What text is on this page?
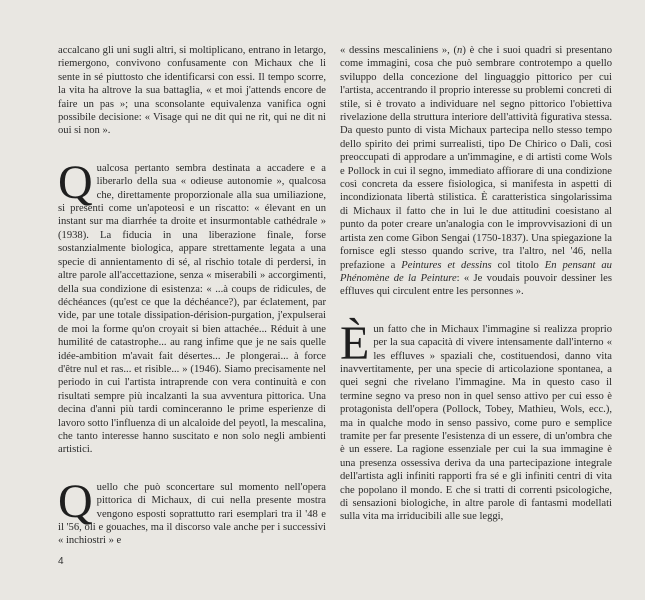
accalcano gli uni sugli altri, si moltiplicano, entrano in letargo, riemergono, convivono confusamente con Michaux che li sente in sé piuttosto che identificarsi con essi. Il tempo scorre, la vita ha altrove la sua battaglia, « et moi j'attends encore de faire un pas »; una sconsolante equivalenza vanifica ogni possibile decisione: « Visage qui ne dit qui ne rit, qui ne dit ni oui si non ».

Qualcosa pertanto sembra destinata a accadere e a liberarlo della sua « odieuse autonomie », qualcosa che, direttamente proporzionale alla sua umiliazione, si presenti come un'apoteosi e un riscatto: « élevant en un instant sur ma diarrhée ta droite et insurmontable cathédrale » (1938). La fiducia in una liberazione finale, forse sostanzialmente biologica, appare strettamente legata a una specie di annientamento di sé, al rischio totale di perdersi, in altre parole all'accettazione, senza « miserabili » accorgimenti, della sua condizione di esistenza: « ...à coups de ridicules, de déchéances (qu'est ce que la déchéance?), par éclatement, par vide, par une totale dissipation-dérision-purgation, j'expulserai de moi la forme qu'on croyait si bien attachée... Réduit à une humilité de catastrophe... au rang infime que je ne sais quelle idée-ambition m'avait fait désertes... Je plongerai... à force d'être nul et ras... et risible... » (1946). Siamo precisamente nel periodo in cui l'artista intraprende con vera continuità e con risultati sempre più incalzanti la sua avventura pittorica. Una decina d'anni più tardi cominceranno le prime esperienze di lavoro sotto l'influenza di un alcaloide del peyotl, la mescalina, che tanto interesse hanno suscitato e non solo negli ambienti artistici.

Quello che può sconcertare sul momento nell'opera pittorica di Michaux, di cui nella presente mostra vengono esposti soprattutto rari esemplari tra il '48 e il '56, oli e gouaches, ma il discorso vale anche per i successivi « inchiostri » e

« dessins mescaliniens », (n) è che i suoi quadri si presentano come immagini, cosa che può sembrare controtempo a quello sviluppo della concezione del linguaggio pittorico per cui l'artista, accentrando il proprio interesse su problemi concreti di stile, si è trovato a individuare nel segno pittorico l'obiettiva rivelazione della struttura interiore dell'attività figurativa stessa. Da questo punto di vista Michaux partecipa nello stesso tempo dello spirito dei primi surrealisti, tipo De Chirico o Dalì, così preoccupati di approdare a un'immagine, e di artisti come Wols e Pollock in cui il segno, immediato affiorare di una condizione così concreta da essere fisiologica, si manifesta in aspetti di incondizionata libertà stilistica. È caratteristica singolarissima di Michaux il fatto che in lui le due attitudini coesistano al punto da poter creare un'analogia con le improvvisazioni di un artista zen come Gibon Sengai (1750-1837). Una spiegazione la fornisce egli stesso quando scrive, tra l'altro, nel '46, nella prefazione a Peintures et dessins col titolo En pensant au Phénomène de la Peinture: « Je voudais pouvoir dessiner les effluves qui circulent entre les personnes ».

Èun fatto che in Michaux l'immagine si realizza proprio per la sua capacità di vivere intensamente dall'interno « les effluves » spaziali che, costituendosi, danno vita inavvertitamente, per una specie di articolazione spontanea, a quei segni che rivelano l'immagine. Ma in questo caso il termine segno va preso non in quel senso attivo per cui esso è protagonista dell'opera (Pollock, Tobey, Mathieu, Wols, ecc.), ma in qualche modo in senso passivo, come puro e semplice tramite per far presente l'esistenza di un essere, di un'ombra che è un essere. La ragione essenziale per cui la sua immagine è una presenza ossessiva deriva da una partecipazione integrale dell'artista agli infiniti rapporti fra sé e gli infiniti centri di vita che popolano il mondo. E che si tratti di correnti psicologiche, di sensazioni biologiche, in altre parole di fantasmi modellati sulla vita ma irriducibili alle sue leggi,

4
